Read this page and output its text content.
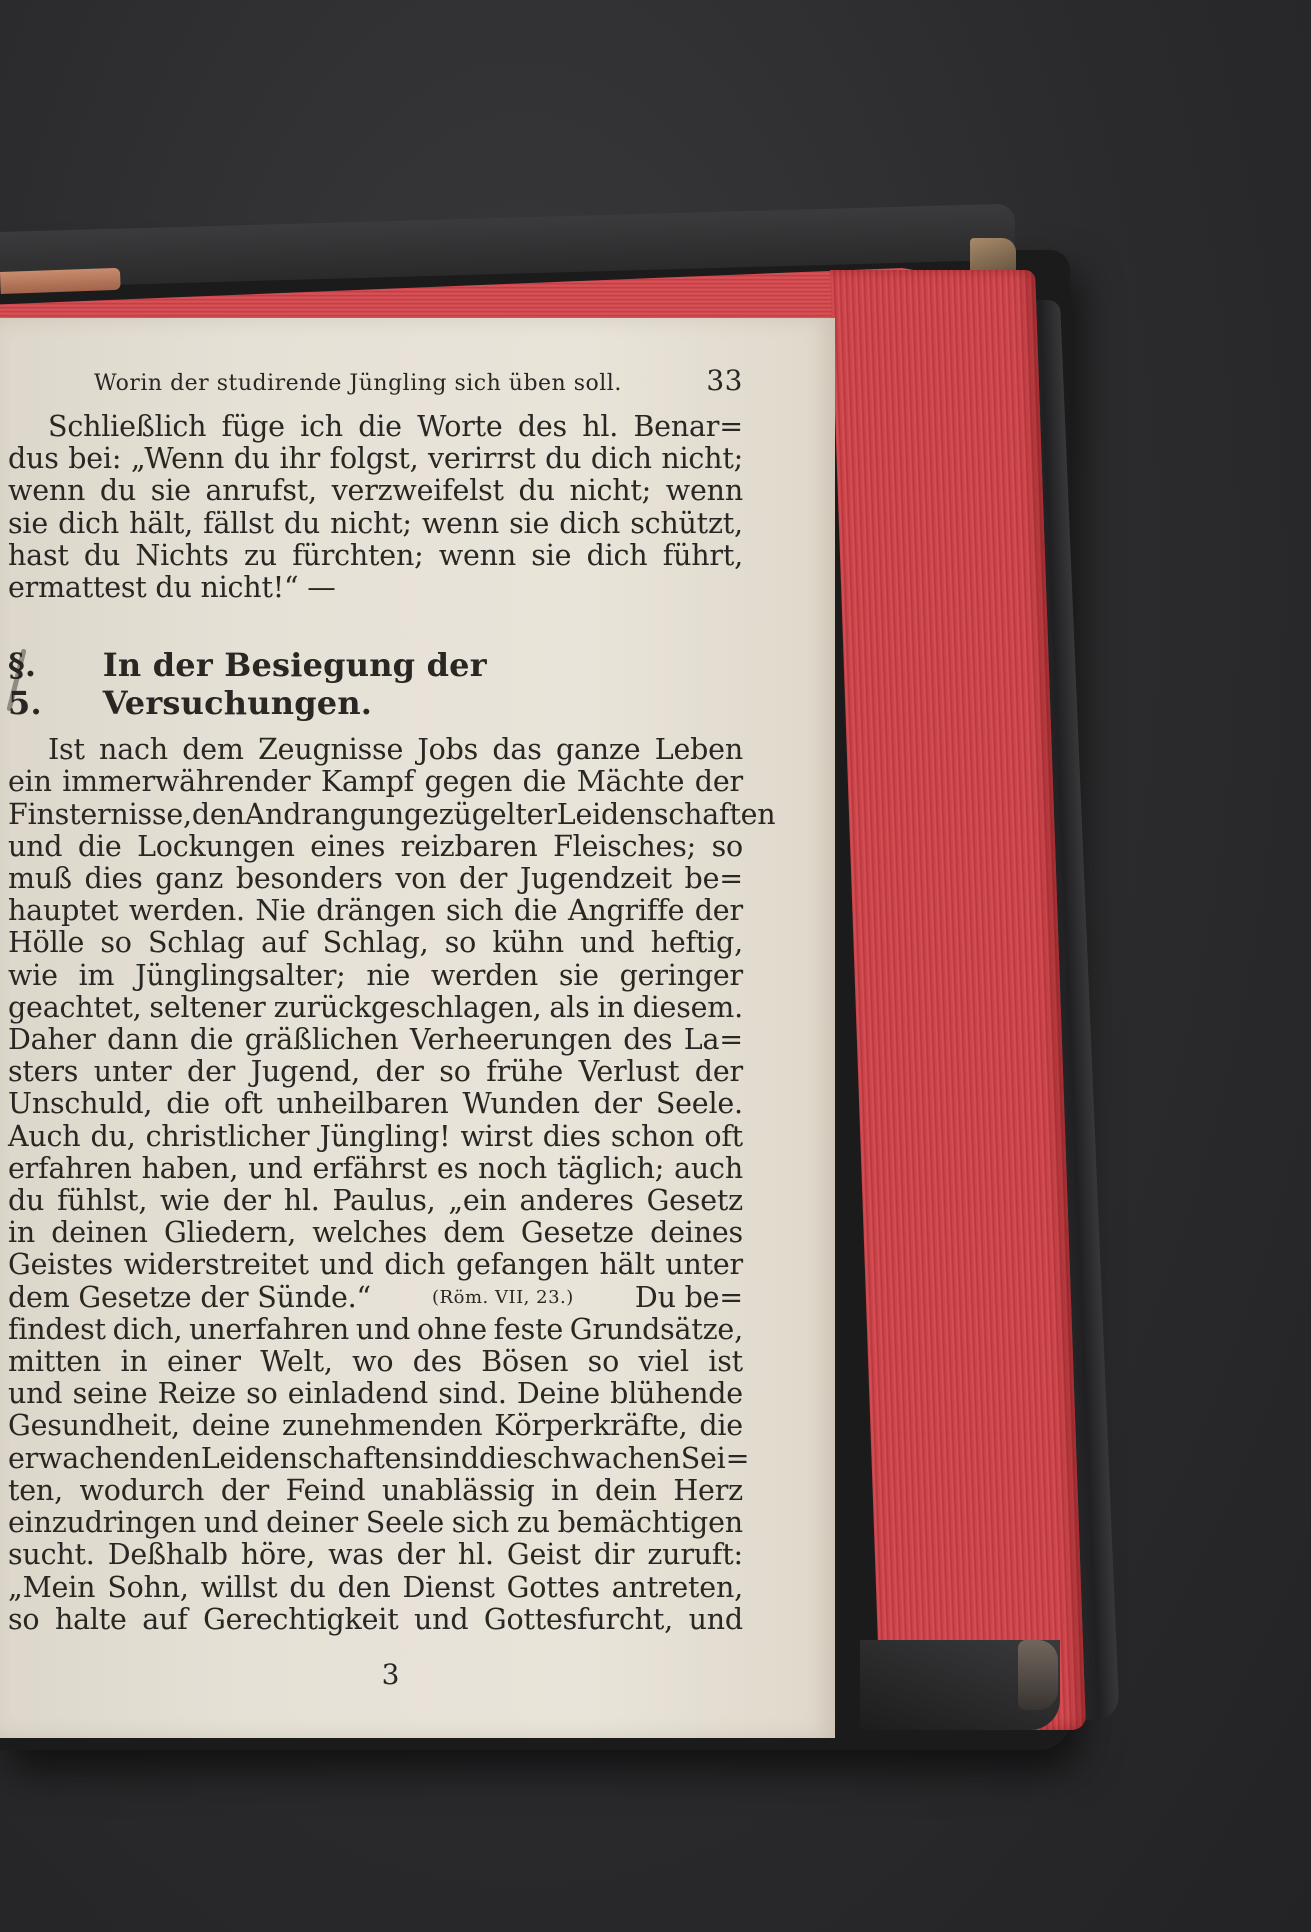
Worin der studirende Jüngling sich üben soll.	33
Schließlich füge ich die Worte des hl. Benar=
dus bei: „Wenn du ihr folgst, verirrst du dich nicht;
wenn du sie anrufst, verzweifelst du nicht; wenn
sie dich hält, fällst du nicht; wenn sie dich schützt,
hast du Nichts zu fürchten; wenn sie dich führt,
ermattest du nicht!“ —
§. 5.
In der Besiegung der Versuchungen.
Ist nach dem Zeugnisse Jobs das ganze Leben
ein immerwährender Kampf gegen die Mächte der
Finsternisse, den Andrang ungezügelter Leidenschaften
und die Lockungen eines reizbaren Fleisches; so
muß dies ganz besonders von der Jugendzeit be=
hauptet werden. Nie drängen sich die Angriffe der
Hölle so Schlag auf Schlag, so kühn und heftig,
wie im Jünglingsalter; nie werden sie geringer
geachtet, seltener zurückgeschlagen, als in diesem.
Daher dann die gräßlichen Verheerungen des La=
sters unter der Jugend, der so frühe Verlust der
Unschuld, die oft unheilbaren Wunden der Seele.
Auch du, christlicher Jüngling! wirst dies schon oft
erfahren haben, und erfährst es noch täglich; auch
du fühlst, wie der hl. Paulus, „ein anderes Gesetz
in deinen Gliedern, welches dem Gesetze deines
Geistes widerstreitet und dich gefangen hält unter
dem Gesetze der Sünde.“	(Röm. VII, 23.) Du be=
findest dich, unerfahren und ohne feste Grundsätze,
mitten in einer Welt, wo des Bösen so viel ist
und seine Reize so einladend sind. Deine blühende
Gesundheit, deine zunehmenden Körperkräfte, die
erwachenden Leidenschaften sind die schwachen Sei=
ten, wodurch der Feind unablässig in dein Herz
einzudringen und deiner Seele sich zu bemächtigen
sucht. Deßhalb höre, was der hl. Geist dir zuruft:
„Mein Sohn, willst du den Dienst Gottes antreten,
so halte auf Gerechtigkeit und Gottesfurcht, und
3
